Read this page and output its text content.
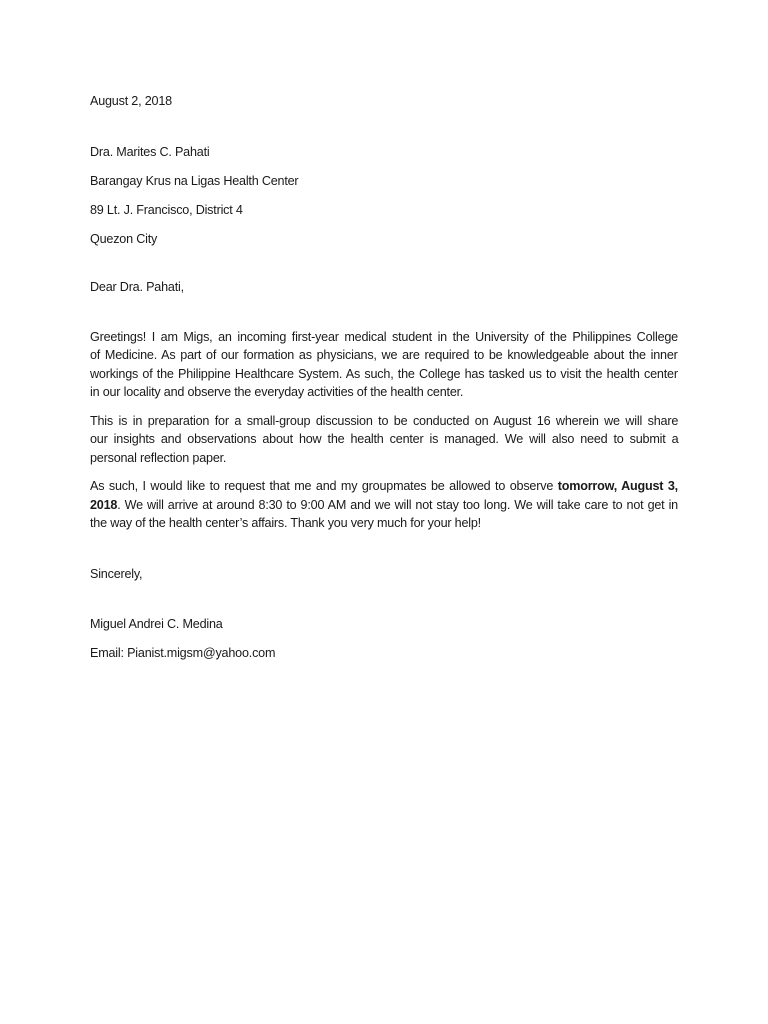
August 2, 2018

Dra. Marites C. Pahati

Barangay Krus na Ligas Health Center

89 Lt. J. Francisco, District 4

Quezon City

Dear Dra. Pahati,

Greetings! I am Migs, an incoming first-year medical student in the University of the Philippines College
of Medicine. As part of our formation as physicians, we are required to be knowledgeable about the inner
workings of the Philippine Healthcare System. As such, the College has tasked us to visit the health center
in our locality and observe the everyday activities of the health center.
This is in preparation for a small-group discussion to be conducted on August 16 wherein we will share
our insights and observations about how the health center is managed. We will also need to submit a
personal reflection paper.

As such, I would like to request that me and my groupmates be allowed to observe tomorrow, August 3, 2018. We will arrive at around 8:30 to 9:00 AM and we will not stay too long. We will take care to not get in the way of the health center’s affairs. Thank you very much for your help!

Sincerely,

Miguel Andrei C. Medina

Email: Pianist.migsm@yahoo.com
